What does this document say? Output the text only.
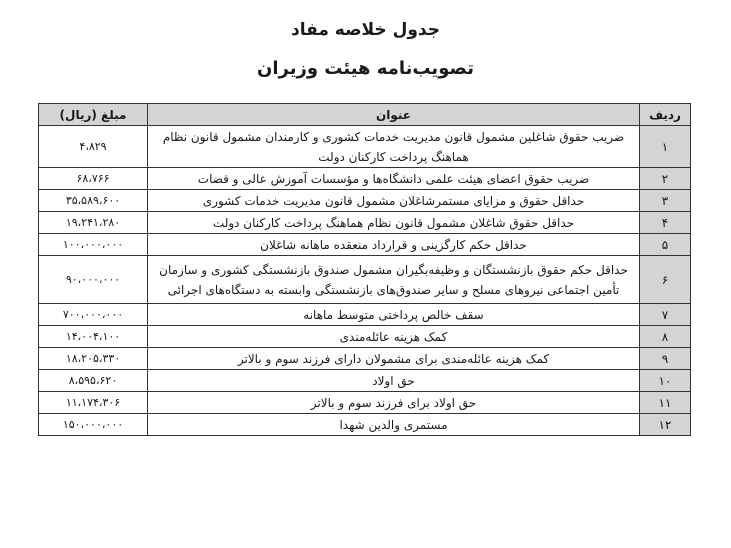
جدول خلاصه مفاد
تصویب‌نامه هیئت وزیران
ردیف	عنوان	مبلغ (ریال)
۱	ضریب حقوق شاغلین مشمول قانون مدیریت خدمات کشوری و کارمندان مشمول قانون نظام هماهنگ پرداخت کارکنان دولت	۴،۸۲۹
۲	ضریب حقوق اعضای هیئت علمی دانشگاه‌ها و مؤسسات آموزش عالی و قضات	۶۸،۷۶۶
۳	حداقل حقوق و مزایای مستمرشاغلان مشمول قانون مدیریت خدمات کشوری	۳۵،۵۸۹،۶۰۰
۴	حداقل حقوق شاغلان مشمول قانون نظام هماهنگ پرداخت کارکنان دولت	۱۹،۲۴۱،۲۸۰
۵	حداقل حکم کارگزینی و قرارداد منعقده ماهانه شاغلان	۱۰۰،۰۰۰،۰۰۰
۶	حداقل حکم حقوق بازنشستگان و وظیفه‌بگیران مشمول صندوق بازنشستگی کشوری و سازمان تأمین اجتماعی نیروهای مسلح و سایر صندوق‌های بازنشستگی وابسته به دستگاه‌های اجرائی	۹۰،۰۰۰،۰۰۰
۷	سقف خالص پرداختی متوسط ماهانه	۷۰۰،۰۰۰،۰۰۰
۸	کمک هزینه عائله‌مندی	۱۴،۰۰۴،۱۰۰
۹	کمک هزینه عائله‌مندی برای مشمولان دارای فرزند سوم و بالاتر	۱۸،۲۰۵،۳۳۰
۱۰	حق اولاد	۸،۵۹۵،۶۲۰
۱۱	حق اولاد برای فرزند سوم و بالاتر	۱۱،۱۷۴،۳۰۶
۱۲	مستمری والدین شهدا	۱۵۰،۰۰۰،۰۰۰
